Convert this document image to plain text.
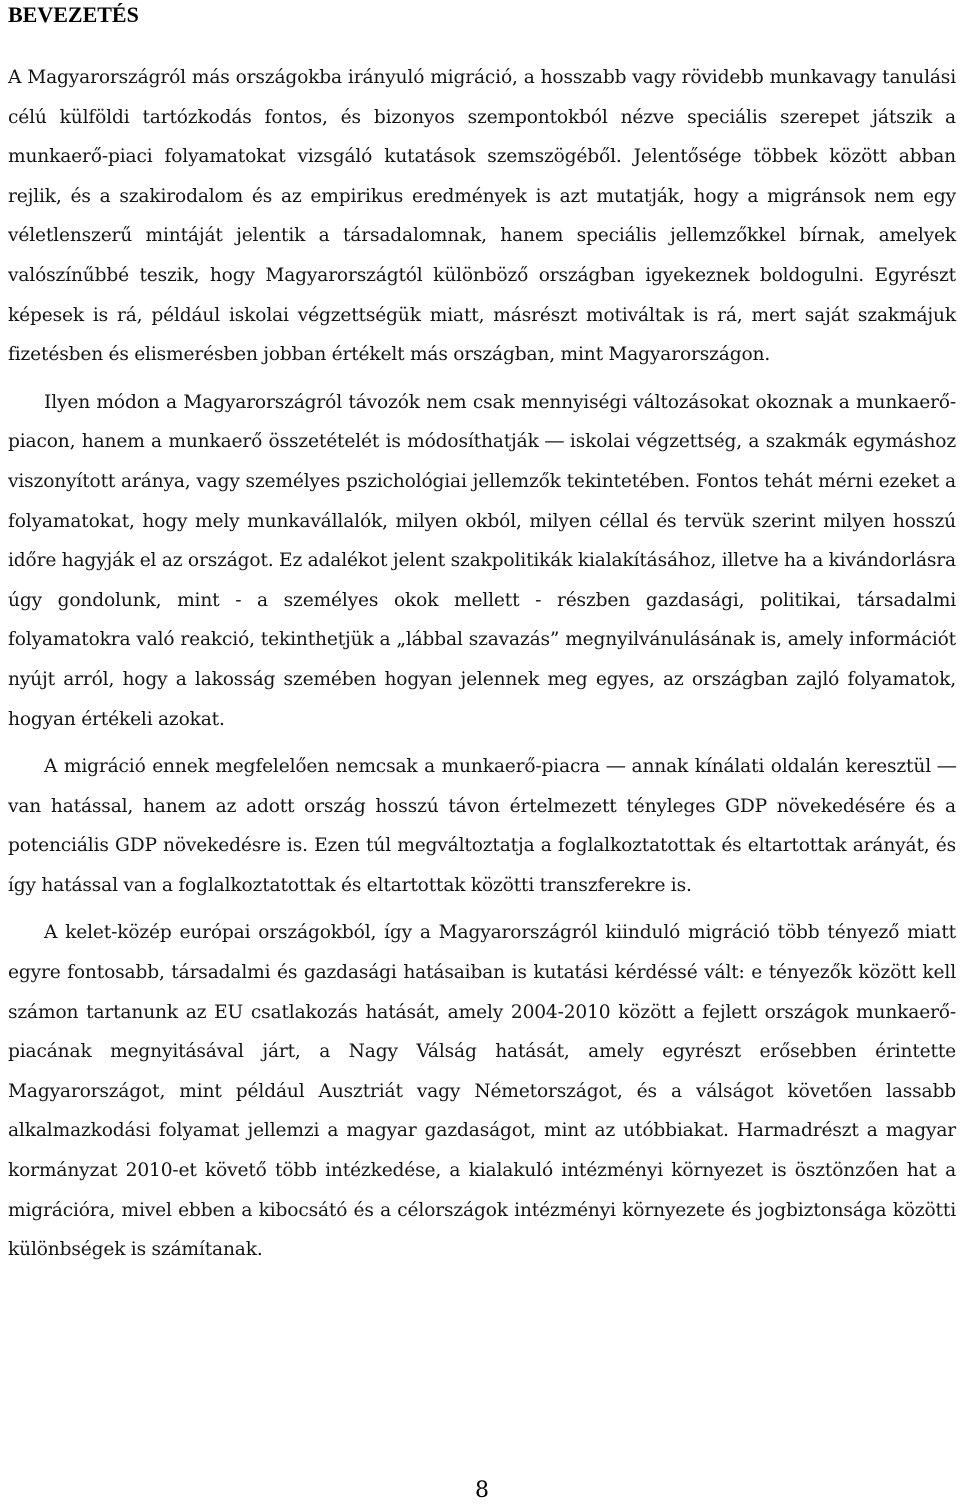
BEVEZETÉS

A Magyarországról más országokba irányuló migráció, a hosszabb vagy rövidebb munkavagy tanulási célú külföldi tartózkodás fontos, és bizonyos szempontokból nézve speciális szerepet játszik a munkaerő-piaci folyamatokat vizsgáló kutatások szemszögéből. Jelentősége többek között abban rejlik, és a szakirodalom és az empirikus eredmények is azt mutatják, hogy a migránsok nem egy véletlenszerű mintáját jelentik a társadalomnak, hanem speciális jellemzőkkel bírnak, amelyek valószínűbbé teszik, hogy Magyarországtól különböző országban igyekeznek boldogulni. Egyrészt képesek is rá, például iskolai végzettségük miatt, másrészt motiváltak is rá, mert saját szakmájuk fizetésben és elismerésben jobban értékelt más országban, mint Magyarországon.

Ilyen módon a Magyarországról távozók nem csak mennyiségi változásokat okoznak a munkaerő-piacon, hanem a munkaerő összetételét is módosíthatják ― iskolai végzettség, a szakmák egymáshoz viszonyított aránya, vagy személyes pszichológiai jellemzők tekintetében. Fontos tehát mérni ezeket a folyamatokat, hogy mely munkavállalók, milyen okból, milyen céllal és tervük szerint milyen hosszú időre hagyják el az országot. Ez adalékot jelent szakpolitikák kialakításához, illetve ha a kivándorlásra úgy gondolunk, mint - a személyes okok mellett - részben gazdasági, politikai, társadalmi folyamatokra való reakció, tekinthetjük a „lábbal szavazás” megnyilvánulásának is, amely információt nyújt arról, hogy a lakosság szemében hogyan jelennek meg egyes, az országban zajló folyamatok, hogyan értékeli azokat.

A migráció ennek megfelelően nemcsak a munkaerő-piacra ― annak kínálati oldalán keresztül ― van hatással, hanem az adott ország hosszú távon értelmezett tényleges GDP növekedésére és a potenciális GDP növekedésre is. Ezen túl megváltoztatja a foglalkoztatottak és eltartottak arányát, és így hatással van a foglalkoztatottak és eltartottak közötti transzferekre is.

A kelet-közép európai országokból, így a Magyarországról kiinduló migráció több tényező miatt egyre fontosabb, társadalmi és gazdasági hatásaiban is kutatási kérdéssé vált: e tényezők között kell számon tartanunk az EU csatlakozás hatását, amely 2004-2010 között a fejlett országok munkaerő-piacának megnyitásával járt, a Nagy Válság hatását, amely egyrészt erősebben érintette Magyarországot, mint például Ausztriát vagy Németországot, és a válságot követően lassabb alkalmazkodási folyamat jellemzi a magyar gazdaságot, mint az utóbbiakat. Harmadrészt a magyar kormányzat 2010-et követő több intézkedése, a kialakuló intézményi környezet is ösztönzően hat a migrációra, mivel ebben a kibocsátó és a célországok intézményi környezete és jogbiztonsága közötti különbségek is számítanak.

8
